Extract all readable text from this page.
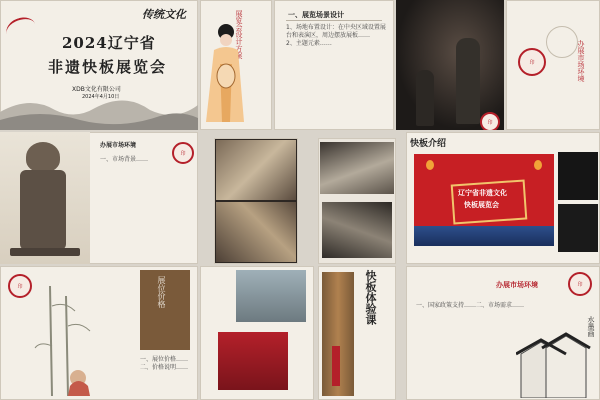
传统文化
2024辽宁省
非遗快板展览会
XDB文化有限公司
2024年4月10日
展览会设计方案	一、展览场景设计
1、场地布置设计：在中央区域设置展台和表演区，周边摆放展板……
2、主题元素……
印
办展市场环境
印
办展市场环境
一、市场背景……
印
快板介绍
辽宁省非遗文化
快板展览会
印	展位价格
一、展位价格……二、价格说明……
快板体验课	办展市场环境	印
一、国家政策支持……二、市场需求……
水墨画
